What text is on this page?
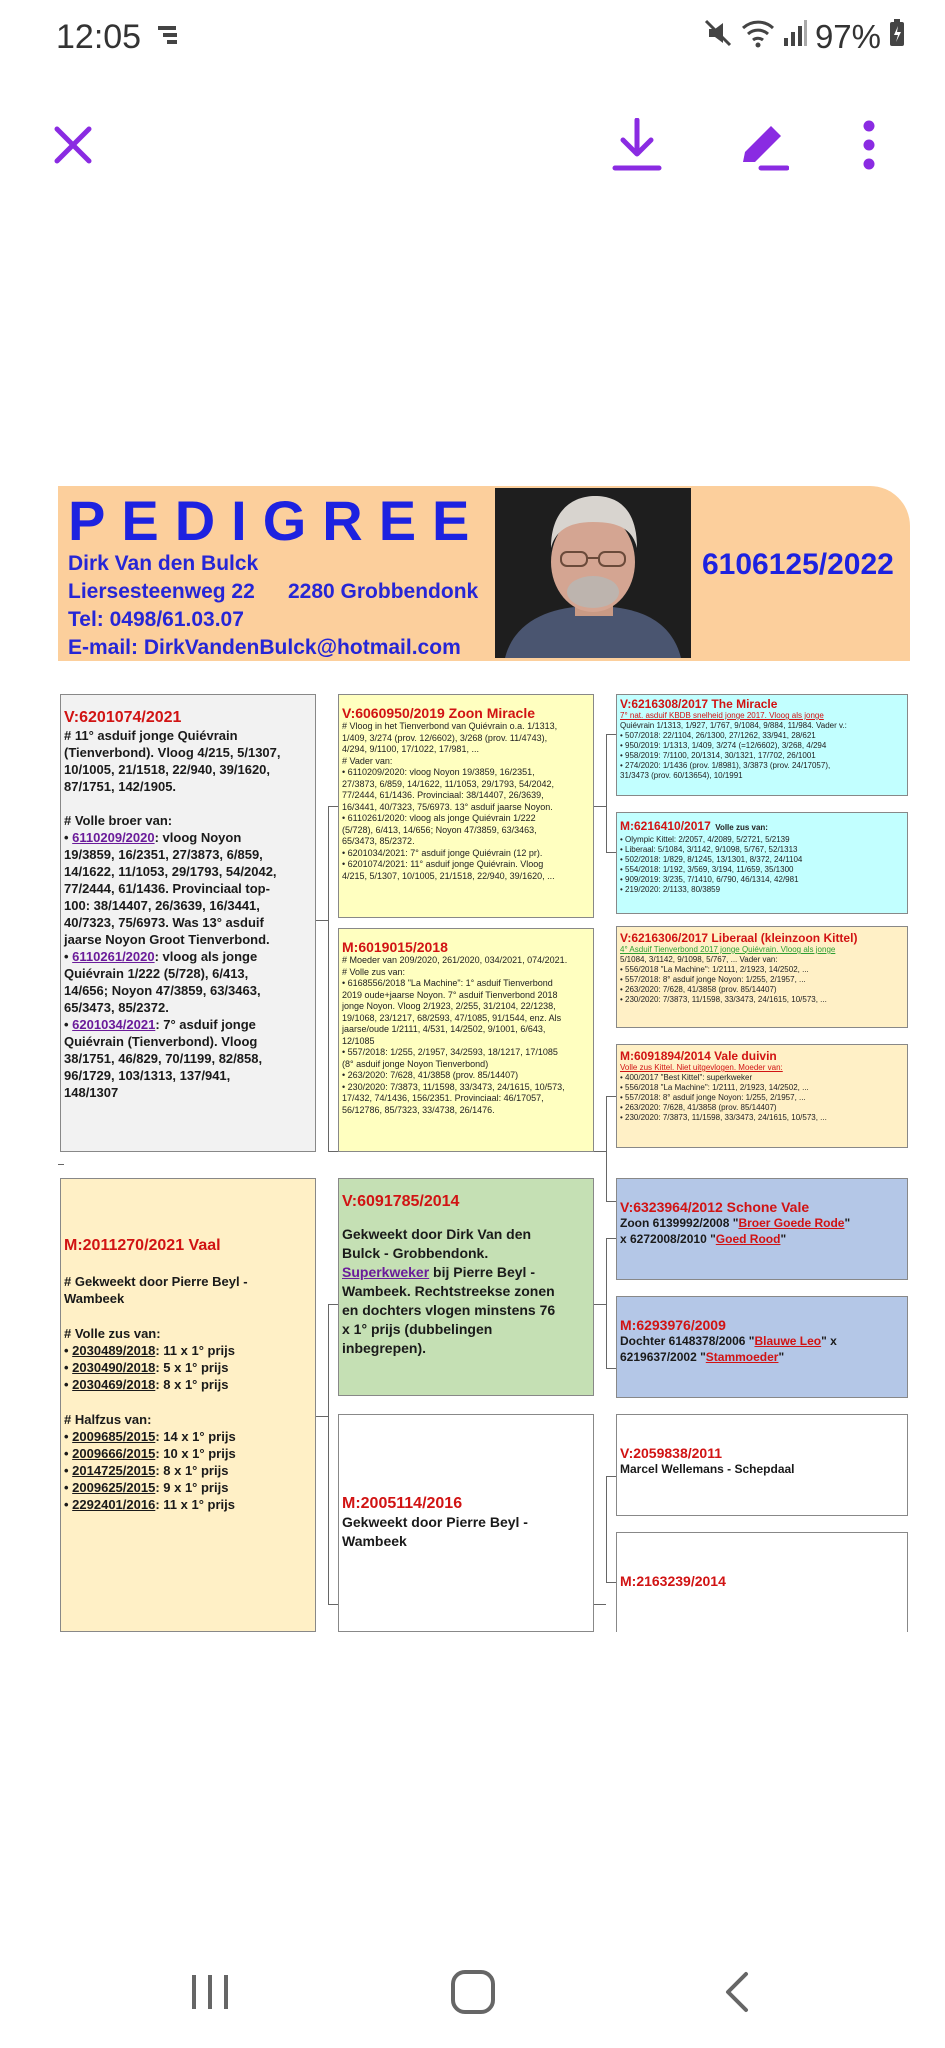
12:05	97%
PEDIGREE
Dirk Van den Bulck
Liersesteenweg 22 2280 Grobbendonk
Tel: 0498/61.03.07
E-mail: DirkVandenBulck@hotmail.com
6106125/2022
V:6201074/2021
# 11° asduif jonge Quiévrain
(Tienverbond). Vloog 4/215, 5/1307,
10/1005, 21/1518, 22/940, 39/1620,
87/1751, 142/1905.
# Volle broer van:
• 6110209/2020: vloog Noyon
19/3859, 16/2351, 27/3873, 6/859,
14/1622, 11/1053, 29/1793, 54/2042,
77/2444, 61/1436. Provinciaal top-
100: 38/14407, 26/3639, 16/3441,
40/7323, 75/6973. Was 13° asduif
jaarse Noyon Groot Tienverbond.
• 6110261/2020: vloog als jonge
Quiévrain 1/222 (5/728), 6/413,
14/656; Noyon 47/3859, 63/3463,
65/3473, 85/2372.
• 6201034/2021: 7° asduif jonge
Quiévrain (Tienverbond). Vloog
38/1751, 46/829, 70/1199, 82/858,
96/1729, 103/1313, 137/941,
148/1307
M:2011270/2021 Vaal
# Gekweekt door Pierre Beyl -
Wambeek
# Volle zus van:
• 2030489/2018: 11 x 1° prijs
• 2030490/2018: 5 x 1° prijs
• 2030469/2018: 8 x 1° prijs
# Halfzus van:
• 2009685/2015: 14 x 1° prijs
• 2009666/2015: 10 x 1° prijs
• 2014725/2015: 8 x 1° prijs
• 2009625/2015: 9 x 1° prijs
• 2292401/2016: 11 x 1° prijs
V:6060950/2019 Zoon Miracle
# Vloog in het Tienverbond van Quiévrain o.a. 1/1313,
1/409, 3/274 (prov. 12/6602), 3/268 (prov. 11/4743),
4/294, 9/1100, 17/1022, 17/981, ...
# Vader van:
• 6110209/2020: vloog Noyon 19/3859, 16/2351,
27/3873, 6/859, 14/1622, 11/1053, 29/1793, 54/2042,
77/2444, 61/1436. Provinciaal: 38/14407, 26/3639,
16/3441, 40/7323, 75/6973. 13° asduif jaarse Noyon.
• 6110261/2020: vloog als jonge Quiévrain 1/222
(5/728), 6/413, 14/656; Noyon 47/3859, 63/3463,
65/3473, 85/2372.
• 6201034/2021: 7° asduif jonge Quiévrain (12 pr).
• 6201074/2021: 11° asduif jonge Quiévrain. Vloog
4/215, 5/1307, 10/1005, 21/1518, 22/940, 39/1620, ...
M:6019015/2018
# Moeder van 209/2020, 261/2020, 034/2021, 074/2021.
# Volle zus van:
• 6168556/2018 "La Machine": 1° asduif Tienverbond
2019 oude+jaarse Noyon. 7° asduif Tienverbond 2018
jonge Noyon. Vloog 2/1923, 2/255, 31/2104, 22/1238,
19/1068, 23/1217, 68/2593, 47/1085, 91/1544, enz. Als
jaarse/oude 1/2111, 4/531, 14/2502, 9/1001, 6/643,
12/1085
• 557/2018: 1/255, 2/1957, 34/2593, 18/1217, 17/1085
(8° asduif jonge Noyon Tienverbond)
• 263/2020: 7/628, 41/3858 (prov. 85/14407)
• 230/2020: 7/3873, 11/1598, 33/3473, 24/1615, 10/573,
17/432, 74/1436, 156/2351. Provinciaal: 46/17057,
56/12786, 85/7323, 33/4738, 26/1476.
V:6091785/2014
Gekweekt door Dirk Van den
Bulck - Grobbendonk.
Superkweker bij Pierre Beyl -
Wambeek. Rechtstreekse zonen
en dochters vlogen minstens 76
x 1° prijs (dubbelingen
inbegrepen).
M:2005114/2016
Gekweekt door Pierre Beyl -
Wambeek
V:6216308/2017 The Miracle
7° nat. asduif KBDB snelheid jonge 2017. Vloog als jonge
Quiévrain 1/1313, 1/927, 1/767, 9/1084, 9/884, 11/984. Vader v.:
• 507/2018: 22/1104, 26/1300, 27/1262, 33/941, 28/621
• 950/2019: 1/1313, 1/409, 3/274 (=12/6602), 3/268, 4/294
• 958/2019: 7/1100, 20/1314, 30/1321, 17/702, 26/1001
• 274/2020: 1/1436 (prov. 1/8981), 3/3873 (prov. 24/17057),
31/3473 (prov. 60/13654), 10/1991
M:6216410/2017 Volle zus van:
• Olympic Kittel: 2/2057, 4/2089, 5/2721, 5/2139
• Liberaal: 5/1084, 3/1142, 9/1098, 5/767, 52/1313
• 502/2018: 1/829, 8/1245, 13/1301, 8/372, 24/1104
• 554/2018: 1/192, 3/569, 3/194, 11/659, 35/1300
• 909/2019: 3/235, 7/1410, 6/790, 46/1314, 42/981
• 219/2020: 2/1133, 80/3859
V:6216306/2017 Liberaal (kleinzoon Kittel)
4° Asduif Tienverbond 2017 jonge Quiévrain. Vloog als jonge
5/1084, 3/1142, 9/1098, 5/767, ... Vader van:
• 556/2018 "La Machine": 1/2111, 2/1923, 14/2502, ...
• 557/2018: 8° asduif jonge Noyon: 1/255, 2/1957, ...
• 263/2020: 7/628, 41/3858 (prov. 85/14407)
• 230/2020: 7/3873, 11/1598, 33/3473, 24/1615, 10/573, ...
M:6091894/2014 Vale duivin
Volle zus Kittel. Niet uitgevlogen. Moeder van:
• 400/2017 "Best Kittel": superkweker
• 556/2018 "La Machine": 1/2111, 2/1923, 14/2502, ...
• 557/2018: 8° asduif jonge Noyon: 1/255, 2/1957, ...
• 263/2020: 7/628, 41/3858 (prov. 85/14407)
• 230/2020: 7/3873, 11/1598, 33/3473, 24/1615, 10/573, ...
V:6323964/2012 Schone Vale
Zoon 6139992/2008 "Broer Goede Rode"
x 6272008/2010 "Goed Rood"
M:6293976/2009
Dochter 6148378/2006 "Blauwe Leo" x
6219637/2002 "Stammoeder"
V:2059838/2011
Marcel Wellemans - Schepdaal
M:2163239/2014
